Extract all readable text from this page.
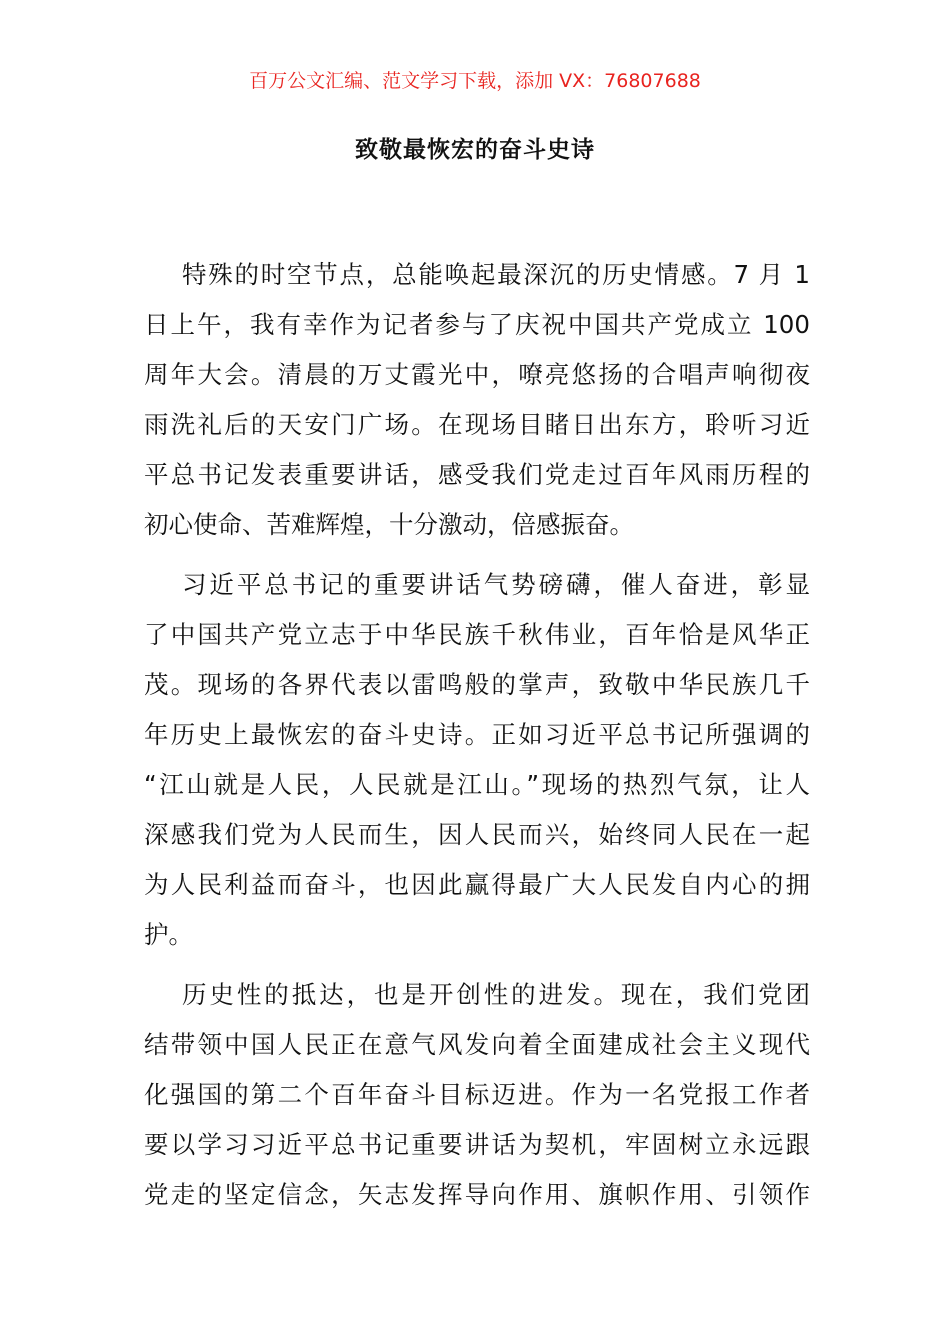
百万公文汇编、范文学习下载，添加 VX：76807688
致敬最恢宏的奋斗史诗
特殊的时空节点，总能唤起最深沉的历史情感。7 月 1
日上午，我有幸作为记者参与了庆祝中国共产党成立 100
周年大会。清晨的万丈霞光中，嘹亮悠扬的合唱声响彻夜
雨洗礼后的天安门广场。在现场目睹日出东方，聆听习近
平总书记发表重要讲话，感受我们党走过百年风雨历程的
初心使命、苦难辉煌，十分激动，倍感振奋。
习近平总书记的重要讲话气势磅礴，催人奋进，彰显
了中国共产党立志于中华民族千秋伟业，百年恰是风华正
茂。现场的各界代表以雷鸣般的掌声，致敬中华民族几千
年历史上最恢宏的奋斗史诗。正如习近平总书记所强调的
“江山就是人民，人民就是江山。”现场的热烈气氛，让人
深感我们党为人民而生，因人民而兴，始终同人民在一起
为人民利益而奋斗，也因此赢得最广大人民发自内心的拥
护。
历史性的抵达，也是开创性的进发。现在，我们党团
结带领中国人民正在意气风发向着全面建成社会主义现代
化强国的第二个百年奋斗目标迈进。作为一名党报工作者
要以学习习近平总书记重要讲话为契机，牢固树立永远跟
党走的坚定信念，矢志发挥导向作用、旗帜作用、引领作
